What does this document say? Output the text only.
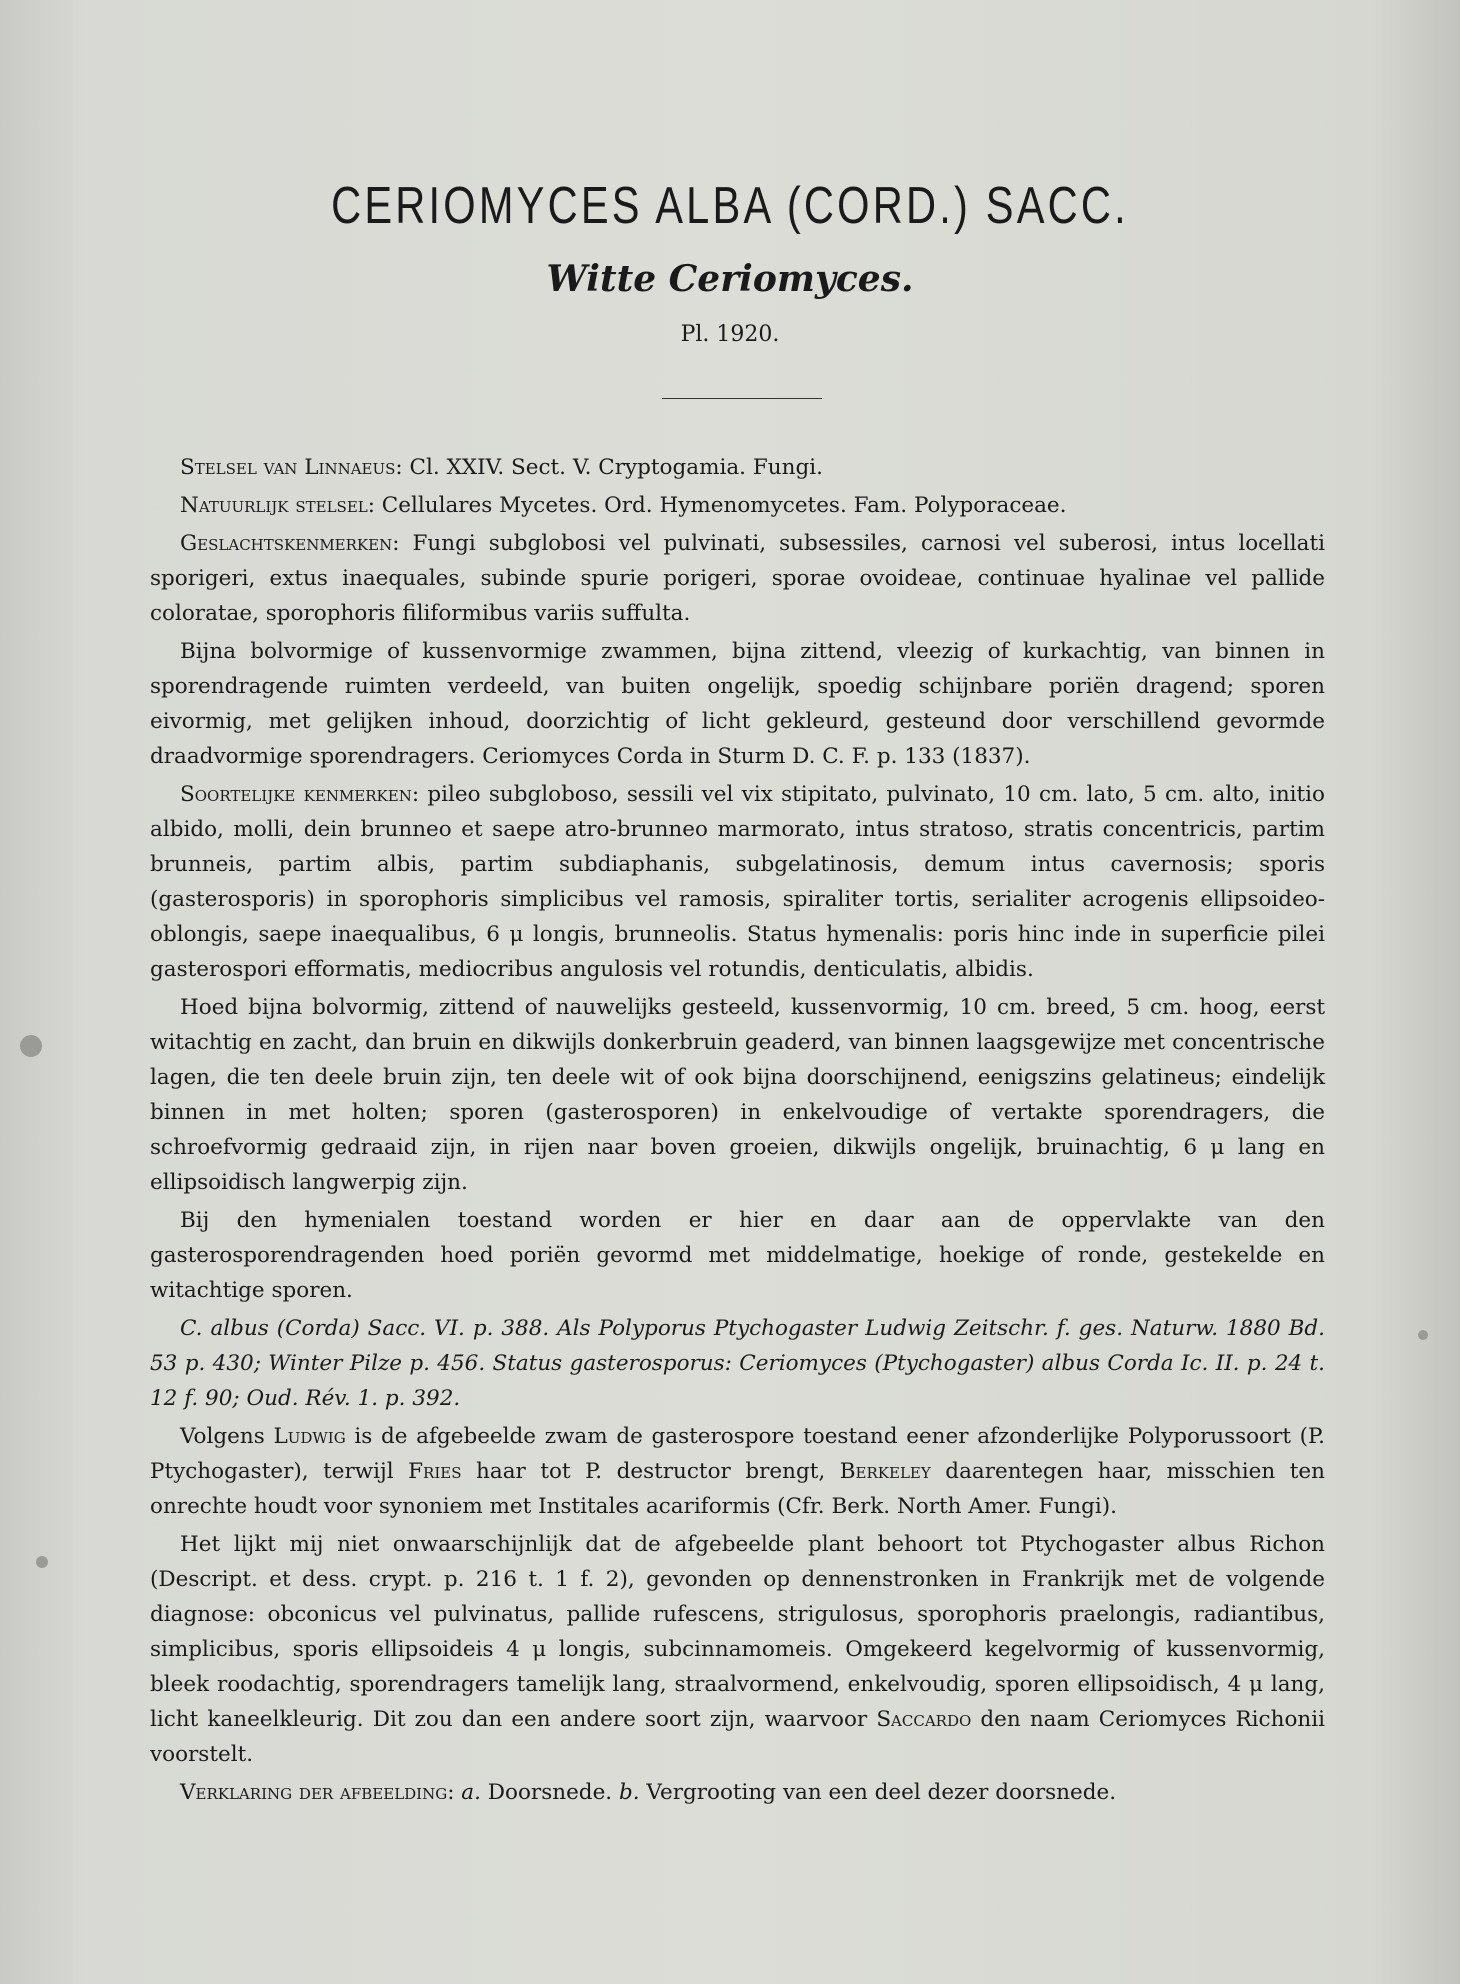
CERIOMYCES ALBA (CORD.) SACC.
Witte Ceriomyces.
Pl. 1920.

Stelsel van Linnaeus: Cl. XXIV. Sect. V. Cryptogamia. Fungi.

Natuurlijk stelsel: Cellulares Mycetes. Ord. Hymenomycetes. Fam. Polyporaceae.

Geslachtskenmerken: Fungi subglobosi vel pulvinati, subsessiles, carnosi vel suberosi, intus locellati sporigeri, extus inaequales, subinde spurie porigeri, sporae ovoideae, continuae hyalinae vel pallide coloratae, sporophoris filiformibus variis suffulta.

Bijna bolvormige of kussenvormige zwammen, bijna zittend, vleezig of kurkachtig, van binnen in sporendragende ruimten verdeeld, van buiten ongelijk, spoedig schijnbare poriën dragend; sporen eivormig, met gelijken inhoud, doorzichtig of licht gekleurd, gesteund door verschillend gevormde draadvormige sporendragers. Ceriomyces Corda in Sturm D. C. F. p. 133 (1837).

Soortelijke kenmerken: pileo subgloboso, sessili vel vix stipitato, pulvinato, 10 cm. lato, 5 cm. alto, initio albido, molli, dein brunneo et saepe atro-brunneo marmorato, intus stratoso, stratis concentricis, partim brunneis, partim albis, partim subdiaphanis, subgelatinosis, demum intus cavernosis; sporis (gasterosporis) in sporophoris simplicibus vel ramosis, spiraliter tortis, serialiter acrogenis ellipsoideo-oblongis, saepe inaequalibus, 6 μ longis, brunneolis. Status hymenalis: poris hinc inde in superficie pilei gasterospori efformatis, mediocribus angulosis vel rotundis, denticulatis, albidis.

Hoed bijna bolvormig, zittend of nauwelijks gesteeld, kussenvormig, 10 cm. breed, 5 cm. hoog, eerst witachtig en zacht, dan bruin en dikwijls donkerbruin geaderd, van binnen laagsgewijze met concentrische lagen, die ten deele bruin zijn, ten deele wit of ook bijna doorschijnend, eenigszins gelatineus; eindelijk binnen in met holten; sporen (gasterosporen) in enkelvoudige of vertakte sporendragers, die schroefvormig gedraaid zijn, in rijen naar boven groeien, dikwijls ongelijk, bruinachtig, 6 μ lang en ellipsoidisch langwerpig zijn.

Bij den hymenialen toestand worden er hier en daar aan de oppervlakte van den gasterosporendragenden hoed poriën gevormd met middelmatige, hoekige of ronde, gestekelde en witachtige sporen.

C. albus (Corda) Sacc. VI. p. 388. Als Polyporus Ptychogaster Ludwig Zeitschr. f. ges. Naturw. 1880 Bd. 53 p. 430; Winter Pilze p. 456. Status gasterosporus: Ceriomyces (Ptychogaster) albus Corda Ic. II. p. 24 t. 12 f. 90; Oud. Rév. 1. p. 392.

Volgens Ludwig is de afgebeelde zwam de gasterospore toestand eener afzonderlijke Polyporussoort (P. Ptychogaster), terwijl Fries haar tot P. destructor brengt, Berkeley daarentegen haar, misschien ten onrechte houdt voor synoniem met Institales acariformis (Cfr. Berk. North Amer. Fungi).

Het lijkt mij niet onwaarschijnlijk dat de afgebeelde plant behoort tot Ptychogaster albus Richon (Descript. et dess. crypt. p. 216 t. 1 f. 2), gevonden op dennenstronken in Frankrijk met de volgende diagnose: obconicus vel pulvinatus, pallide rufescens, strigulosus, sporophoris praelongis, radiantibus, simplicibus, sporis ellipsoideis 4 μ longis, subcinnamomeis. Omgekeerd kegelvormig of kussenvormig, bleek roodachtig, sporendragers tamelijk lang, straalvormend, enkelvoudig, sporen ellipsoidisch, 4 μ lang, licht kaneelkleurig. Dit zou dan een andere soort zijn, waarvoor Saccardo den naam Ceriomyces Richonii voorstelt.

Verklaring der afbeelding: a. Doorsnede. b. Vergrooting van een deel dezer doorsnede.
